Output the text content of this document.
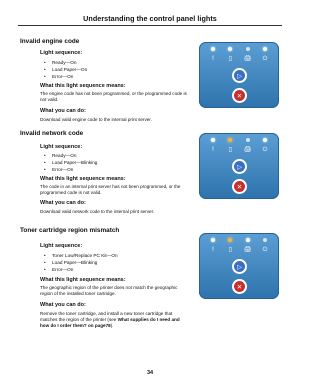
Understanding the control panel lights
Invalid engine code
Light sequence:
• Ready—On
• Load Paper—On
• Error—On
What this light sequence means:
The engine code has not been programmed, or the programmed code is not valid.
What you can do:
Download valid engine code to the internal print server.
!	▯	🖨	⏻
▷
✕
Invalid network code
Light sequence:
• Ready—On
• Load Paper—Blinking
• Error—On
What this light sequence means:
The code in an internal print server has not been programmed, or the programmed code is not valid.
What you can do:
Download valid network code to the internal print server.
!	▯	🖨	⏻
▷
✕
Toner cartridge region mismatch
Light sequence:
• Toner Low/Replace PC Kit—On
• Load Paper—Blinking
• Error—On
What this light sequence means:
The geographic region of the printer does not match the geographic region of the installed toner cartridge.
What you can do:
Remove the toner cartridge, and install a new toner cartridge that matches the region of the printer (see What supplies do I need and how do I order them? on page78).
!	▯	🖨	⏻
▷
✕
34
